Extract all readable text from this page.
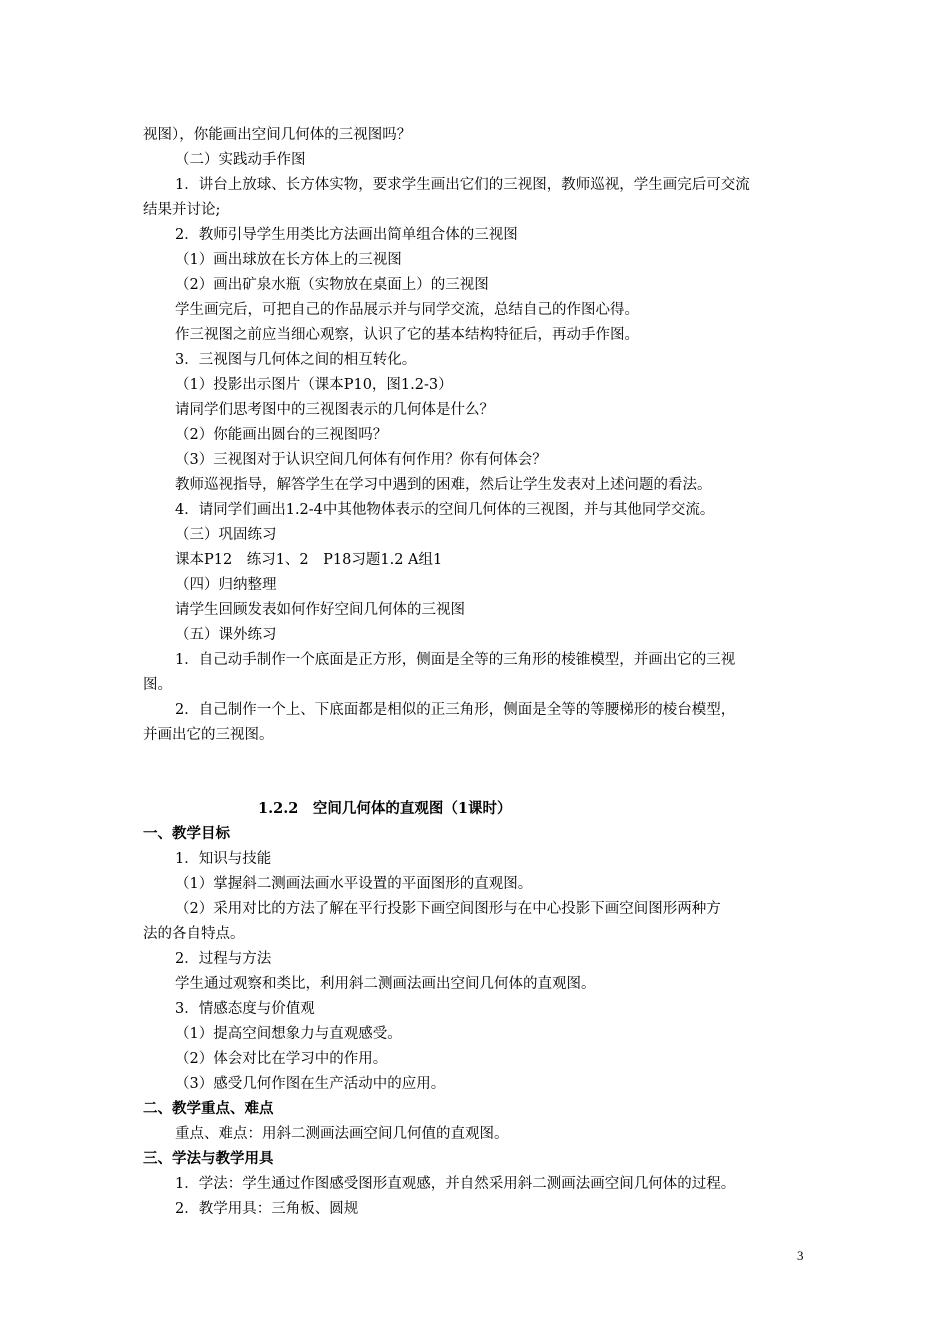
视图），你能画出空间几何体的三视图吗？
（二）实践动手作图
1．讲台上放球、长方体实物，要求学生画出它们的三视图，教师巡视，学生画完后可交流
结果并讨论;
2．教师引导学生用类比方法画出简单组合体的三视图
（1）画出球放在长方体上的三视图
（2）画出矿泉水瓶（实物放在桌面上）的三视图
学生画完后，可把自己的作品展示并与同学交流，总结自己的作图心得。
作三视图之前应当细心观察，认识了它的基本结构特征后，再动手作图。
3．三视图与几何体之间的相互转化。
（1）投影出示图片（课本P10，图1.2-3）
请同学们思考图中的三视图表示的几何体是什么？
（2）你能画出圆台的三视图吗？
（3）三视图对于认识空间几何体有何作用？你有何体会？
教师巡视指导，解答学生在学习中遇到的困难，然后让学生发表对上述问题的看法。
4．请同学们画出1.2-4中其他物体表示的空间几何体的三视图，并与其他同学交流。
（三）巩固练习
课本P12　练习1、2　P18习题1.2 A组1
（四）归纳整理
请学生回顾发表如何作好空间几何体的三视图
（五）课外练习
1．自己动手制作一个底面是正方形，侧面是全等的三角形的棱锥模型，并画出它的三视
图。
2．自己制作一个上、下底面都是相似的正三角形，侧面是全等的等腰梯形的棱台模型，
并画出它的三视图。
1.2.2　空间几何体的直观图（1课时）
一、教学目标
1．知识与技能
（1）掌握斜二测画法画水平设置的平面图形的直观图。
（2）采用对比的方法了解在平行投影下画空间图形与在中心投影下画空间图形两种方
法的各自特点。
2．过程与方法
学生通过观察和类比，利用斜二测画法画出空间几何体的直观图。
3．情感态度与价值观
（1）提高空间想象力与直观感受。
（2）体会对比在学习中的作用。
（3）感受几何作图在生产活动中的应用。
二、教学重点、难点
重点、难点：用斜二测画法画空间几何值的直观图。
三、学法与教学用具
1．学法：学生通过作图感受图形直观感，并自然采用斜二测画法画空间几何体的过程。
2．教学用具：三角板、圆规
3
